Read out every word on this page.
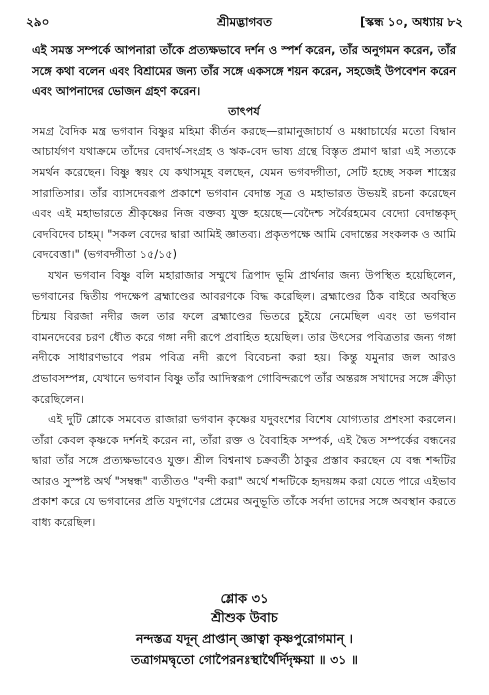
২৯০	শ্রীমদ্ভাগবত	[স্কন্ধ ১০, অধ্যায় ৮২

এই সমস্ত সম্পর্কে আপনারা তাঁকে প্রত্যক্ষভাবে দর্শন ও স্পর্শ করেন, তাঁর অনুগমন করেন, তাঁর সঙ্গে কথা বলেন এবং বিশ্রামের জন্য তাঁর সঙ্গে একসঙ্গে শয়ন করেন, সহজেই উপবেশন করেন এবং আপনাদের ভোজন গ্রহণ করেন।

তাৎপর্য

সমগ্র বৈদিক মন্ত্র ভগবান বিষ্ণুর মহিমা কীর্তন করছে—রামানুজাচার্য ও মধ্বাচার্যের মতো বিদ্বান আচার্যগণ যথাক্রমে তাঁদের বেদার্থ-সংগ্রহ ও ঋক-বেদ ভাষ্য গ্রন্থে বিস্তৃত প্রমাণ দ্বারা এই সত্যকে সমর্থন করেছেন। বিষ্ণু স্বয়ং যে কথাসমূহ বলছেন, যেমন ভগবদ্গীতা, সেটি হচ্ছে সকল শাস্ত্রের সারাতিসার। তাঁর ব্যাসদেবরূপ প্রকাশে ভগবান বেদান্ত সূত্র ও মহাভারত উভয়ই রচনা করেছেন এবং এই মহাভারতে শ্রীকৃষ্ণের নিজ বক্তব্য যুক্ত হয়েছে—বেদৈশ্চ সর্বৈরহমেব বেদ্যো বেদান্তকৃদ্ বেদবিদেব চাহম্। "সকল বেদের দ্বারা আমিই জ্ঞাতব্য। প্রকৃতপক্ষে আমি বেদান্তের সংকলক ও আমি বেদবেত্তা।" (ভগবদ্গীতা ১৫/১৫)

যখন ভগবান বিষ্ণু বলি মহারাজার সম্মুখে ত্রিপাদ ভূমি প্রার্থনার জন্য উপস্থিত হয়েছিলেন, ভগবানের দ্বিতীয় পদক্ষেপ ব্রহ্মাণ্ডের আবরণকে বিদ্ধ করেছিল। ব্রহ্মাণ্ডের ঠিক বাইরে অবস্থিত চিন্ময় বিরজা নদীর জল তার ফলে ব্রহ্মাণ্ডের ভিতরে চুইয়ে নেমেছিল এবং তা ভগবান বামনদেবের চরণ ধৌত করে গঙ্গা নদী রূপে প্রবাহিত হয়েছিল। তার উৎসের পবিত্রতার জন্য গঙ্গা নদীকে সাধারণভাবে পরম পবিত্র নদী রূপে বিবেচনা করা হয়। কিন্তু যমুনার জল আরও প্রভাবসম্পন্ন, যেখানে ভগবান বিষ্ণু তাঁর আদিস্বরূপ গোবিন্দরূপে তাঁর অন্তরঙ্গ সখাদের সঙ্গে ক্রীড়া করেছিলেন।

এই দুটি শ্লোকে সমবেত রাজারা ভগবান কৃষ্ণের যদুবংশের বিশেষ যোগ্যতার প্রশংসা করলেন। তাঁরা কেবল কৃষ্ণকে দর্শনই করেন না, তাঁরা রক্ত ও বৈবাহিক সম্পর্ক, এই দ্বৈত সম্পর্কের বন্ধনের দ্বারা তাঁর সঙ্গে প্রত্যক্ষভাবেও যুক্ত। শ্রীল বিশ্বনাথ চক্রবর্তী ঠাকুর প্রস্তাব করছেন যে বন্ধ শব্দটির আরও সুস্পষ্ট অর্থ "সম্বন্ধ" ব্যতীতও "বন্দী করা" অর্থে শব্দটিকে হৃদয়ঙ্গম করা যেতে পারে এইভাব প্রকাশ করে যে ভগবানের প্রতি যদুগণের প্রেমের অনুভূতি তাঁকে সর্বদা তাদের সঙ্গে অবস্থান করতে বাধ্য করেছিল।

শ্লোক ৩১
শ্রীশুক উবাচ
নন্দস্তত্র যদূন্ প্রাপ্তান্ জ্ঞাত্বা কৃষ্ণপুরোগমান্ ।
তত্রাগমদ্বৃতো গোপৈরনঃস্থার্থৈর্দিদৃক্ষয়া ॥ ৩১ ॥
